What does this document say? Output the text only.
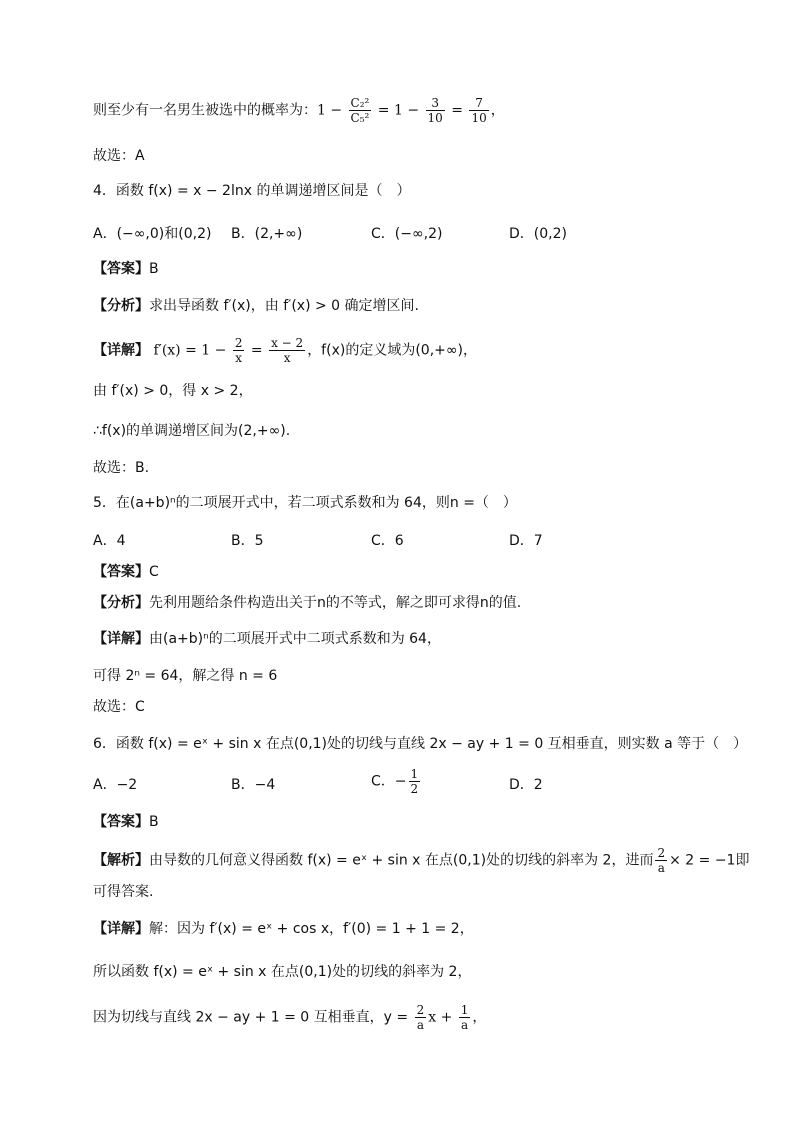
则至少有一名男生被选中的概率为：$1 - \frac{\text{C₂²}}{\text{C₅²}} = 1 - \frac{3}{10} = \frac{7}{10}$ ，
故选：A
4．函数 f(x) = x − 2lnx 的单调递增区间是（　）
A．(−∞,0)和(0,2) B．(2,+∞)	C．(−∞,2)	D．(0,2)
【答案】B
【分析】求出导函数 f′(x)，由 f′(x) > 0 确定增区间.
【详解】 $f'(x) = 1 - \frac{2}{x} = \frac{x - 2}{x}$ ，f(x)的定义域为(0,+∞)，
由 f′(x) > 0，得 x > 2，
∴f(x)的单调递增区间为(2,+∞).
故选：B.
5．在(a+b)ⁿ的二项展开式中，若二项式系数和为 64，则n =（　）
A．4	B．5	C．6	D．7
【答案】C
【分析】先利用题给条件构造出关于n的不等式，解之即可求得n的值.
【详解】由(a+b)ⁿ的二项展开式中二项式系数和为 64，
可得 2ⁿ = 64，解之得 n = 6
故选：C
6．函数 f(x) = eˣ + sin x 在点(0,1)处的切线与直线 2x − ay + 1 = 0 互相垂直，则实数 a 等于（　）
A．−2	B．−4	C．− $\frac{1}{2}$	D．2
【答案】B
【解析】由导数的几何意义得函数 f(x) = eˣ + sin x 在点(0,1)处的切线的斜率为 2，进而 $\frac{2}{a} \times 2 = -1$即
可得答案.
【详解】解：因为 f′(x) = eˣ + cos x，f′(0) = 1 + 1 = 2，
所以函数 f(x) = eˣ + sin x 在点(0,1)处的切线的斜率为 2，
因为切线与直线 2x − ay + 1 = 0 互相垂直，$y = \frac{2}{a}$ $x + \frac{1}{a}$ ，
